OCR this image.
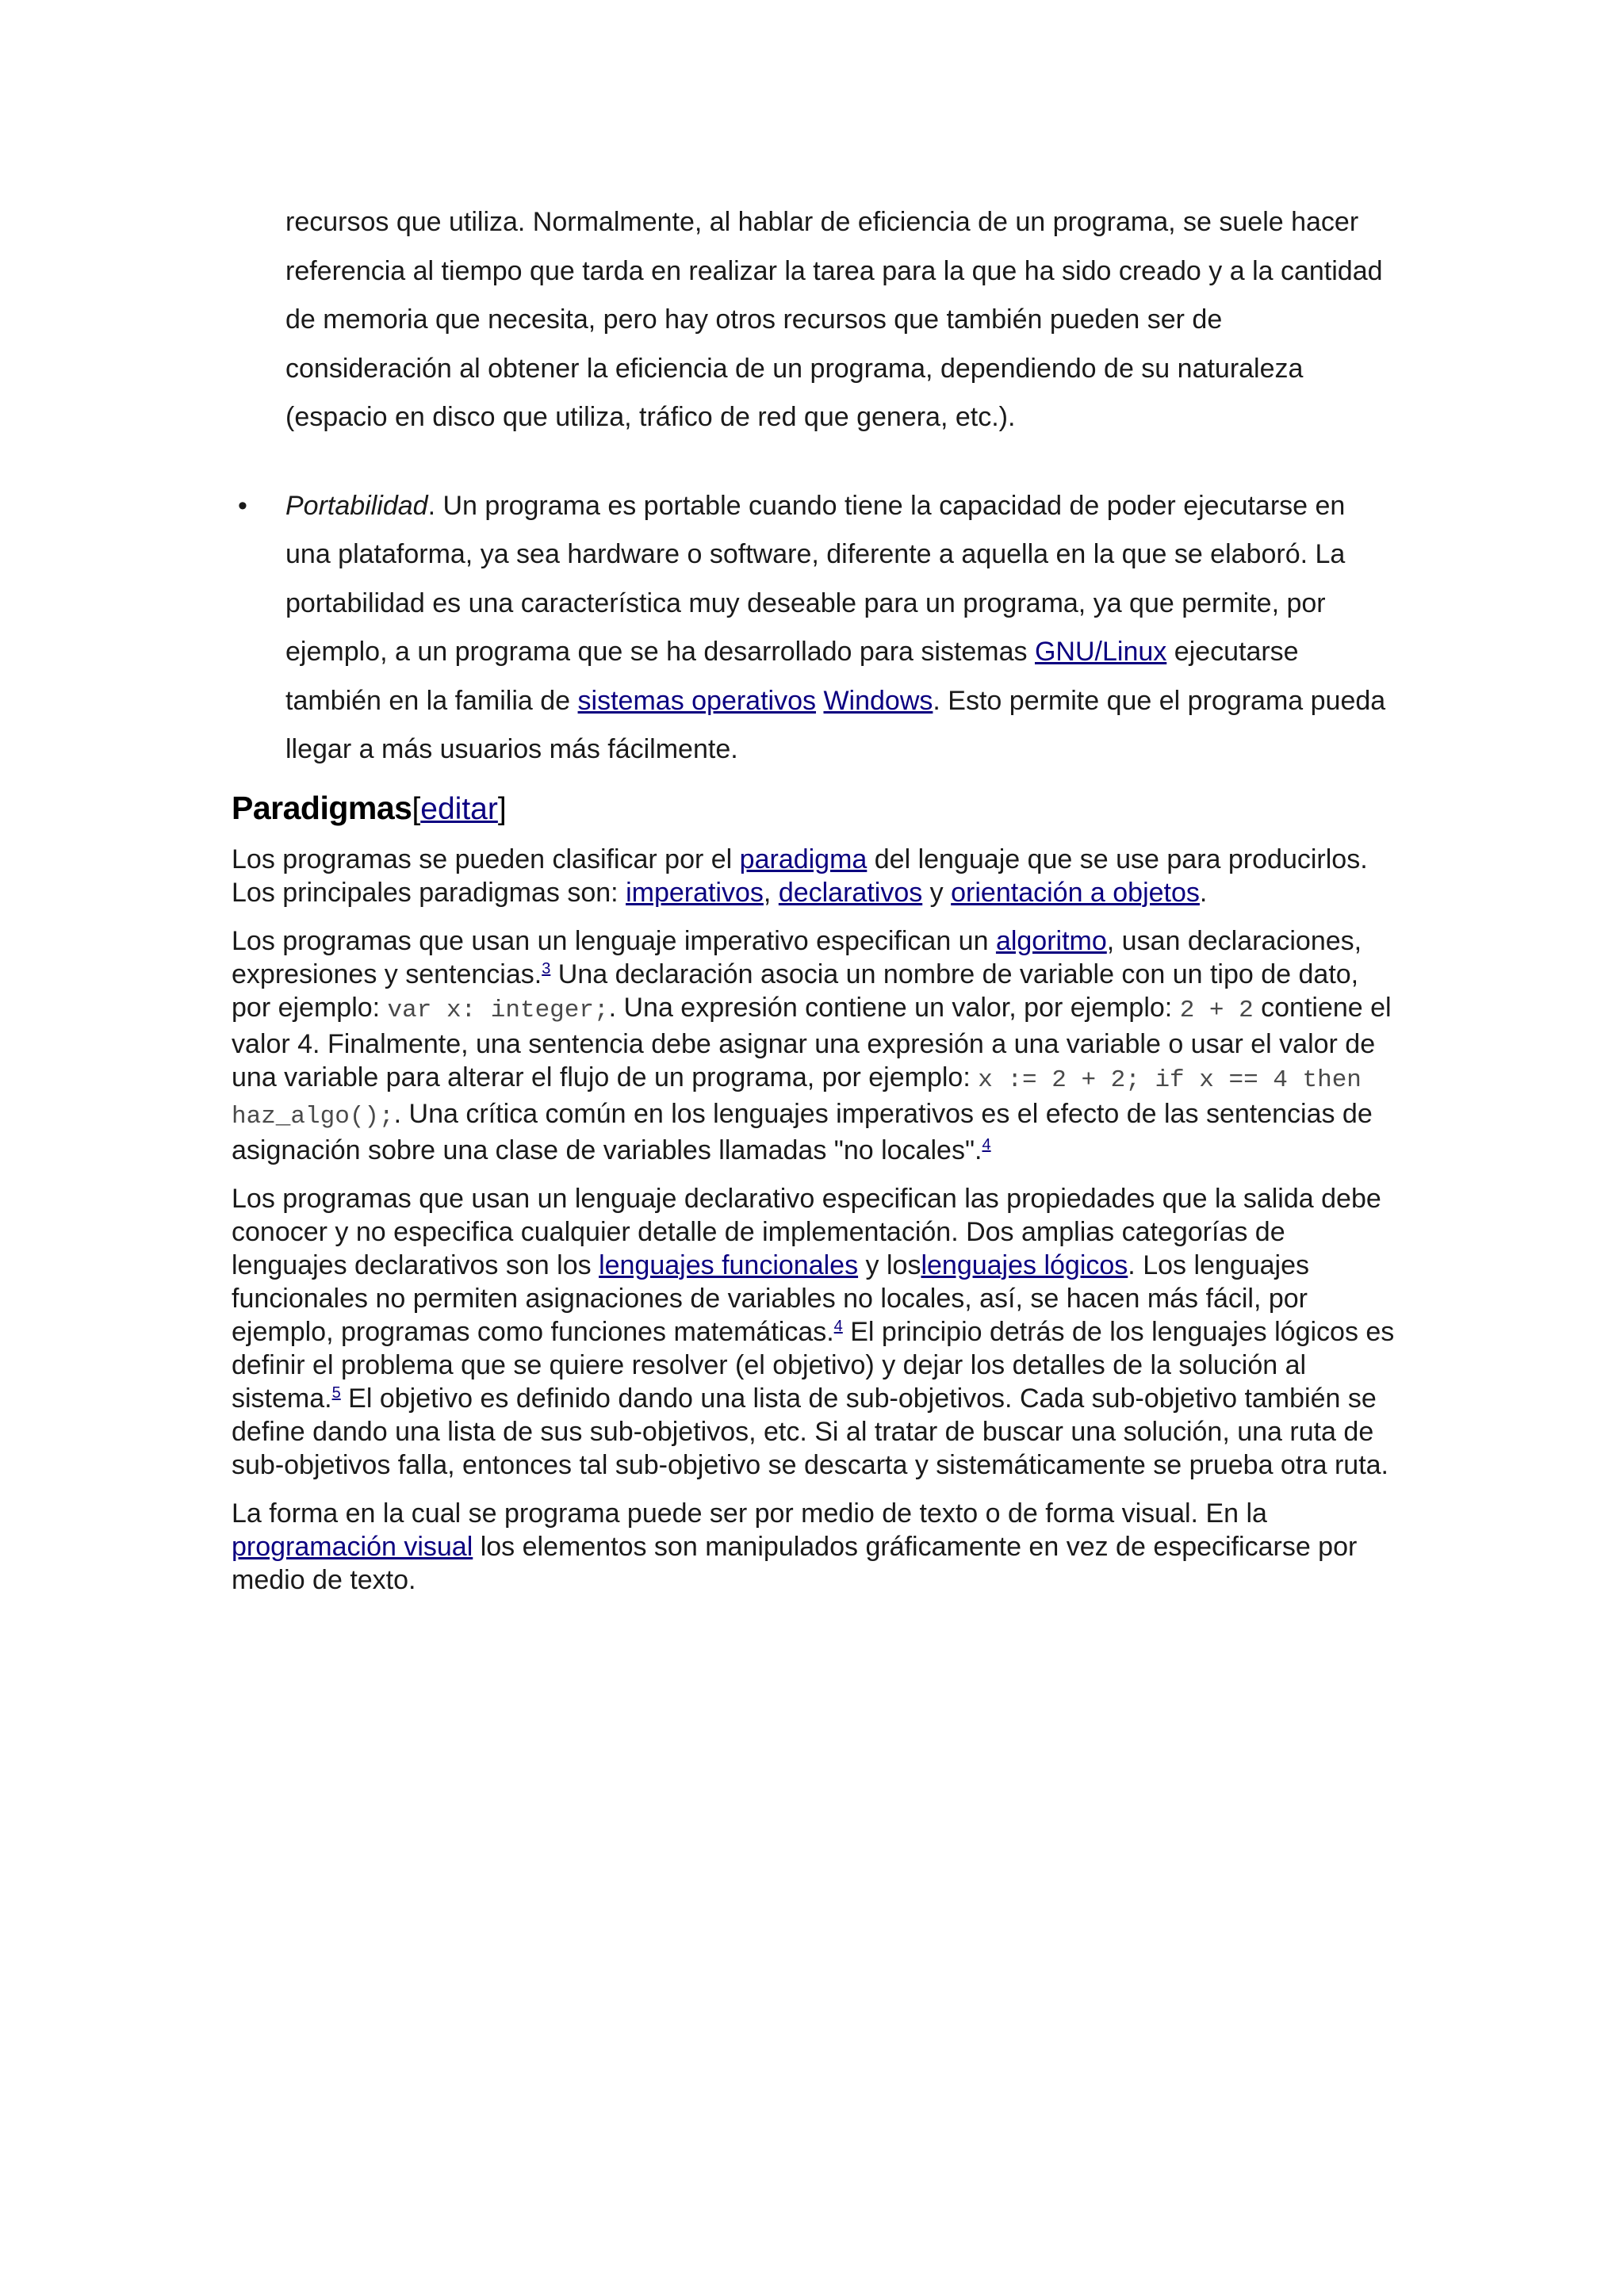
recursos que utiliza. Normalmente, al hablar de eficiencia de un programa, se suele hacer referencia al tiempo que tarda en realizar la tarea para la que ha sido creado y a la cantidad de memoria que necesita, pero hay otros recursos que también pueden ser de consideración al obtener la eficiencia de un programa, dependiendo de su naturaleza (espacio en disco que utiliza, tráfico de red que genera, etc.).

• Portabilidad. Un programa es portable cuando tiene la capacidad de poder ejecutarse en una plataforma, ya sea hardware o software, diferente a aquella en la que se elaboró. La portabilidad es una característica muy deseable para un programa, ya que permite, por ejemplo, a un programa que se ha desarrollado para sistemas GNU/Linux ejecutarse también en la familia de sistemas operativos Windows. Esto permite que el programa pueda llegar a más usuarios más fácilmente.
Paradigmas[editar]

Los programas se pueden clasificar por el paradigma del lenguaje que se use para producirlos. Los principales paradigmas son: imperativos, declarativos y orientación a objetos.

Los programas que usan un lenguaje imperativo especifican un algoritmo, usan declaraciones, expresiones y sentencias.$^3$ Una declaración asocia un nombre de variable con un tipo de dato, por ejemplo: var x: integer;. Una expresión contiene un valor, por ejemplo: 2 + 2 contiene el valor 4. Finalmente, una sentencia debe asignar una expresión a una variable o usar el valor de una variable para alterar el flujo de un programa, por ejemplo: x := 2 + 2; if x == 4 then haz_algo();. Una crítica común en los lenguajes imperativos es el efecto de las sentencias de asignación sobre una clase de variables llamadas "no locales".$^4$

Los programas que usan un lenguaje declarativo especifican las propiedades que la salida debe conocer y no especifica cualquier detalle de implementación. Dos amplias categorías de lenguajes declarativos son los lenguajes funcionales y loslenguajes lógicos. Los lenguajes funcionales no permiten asignaciones de variables no locales, así, se hacen más fácil, por ejemplo, programas como funciones matemáticas.$^4$ El principio detrás de los lenguajes lógicos es definir el problema que se quiere resolver (el objetivo) y dejar los detalles de la solución al sistema.$^5$ El objetivo es definido dando una lista de sub-objetivos. Cada sub-objetivo también se define dando una lista de sus sub-objetivos, etc. Si al tratar de buscar una solución, una ruta de sub-objetivos falla, entonces tal sub-objetivo se descarta y sistemáticamente se prueba otra ruta.

La forma en la cual se programa puede ser por medio de texto o de forma visual. En la programación visual los elementos son manipulados gráficamente en vez de especificarse por medio de texto.
